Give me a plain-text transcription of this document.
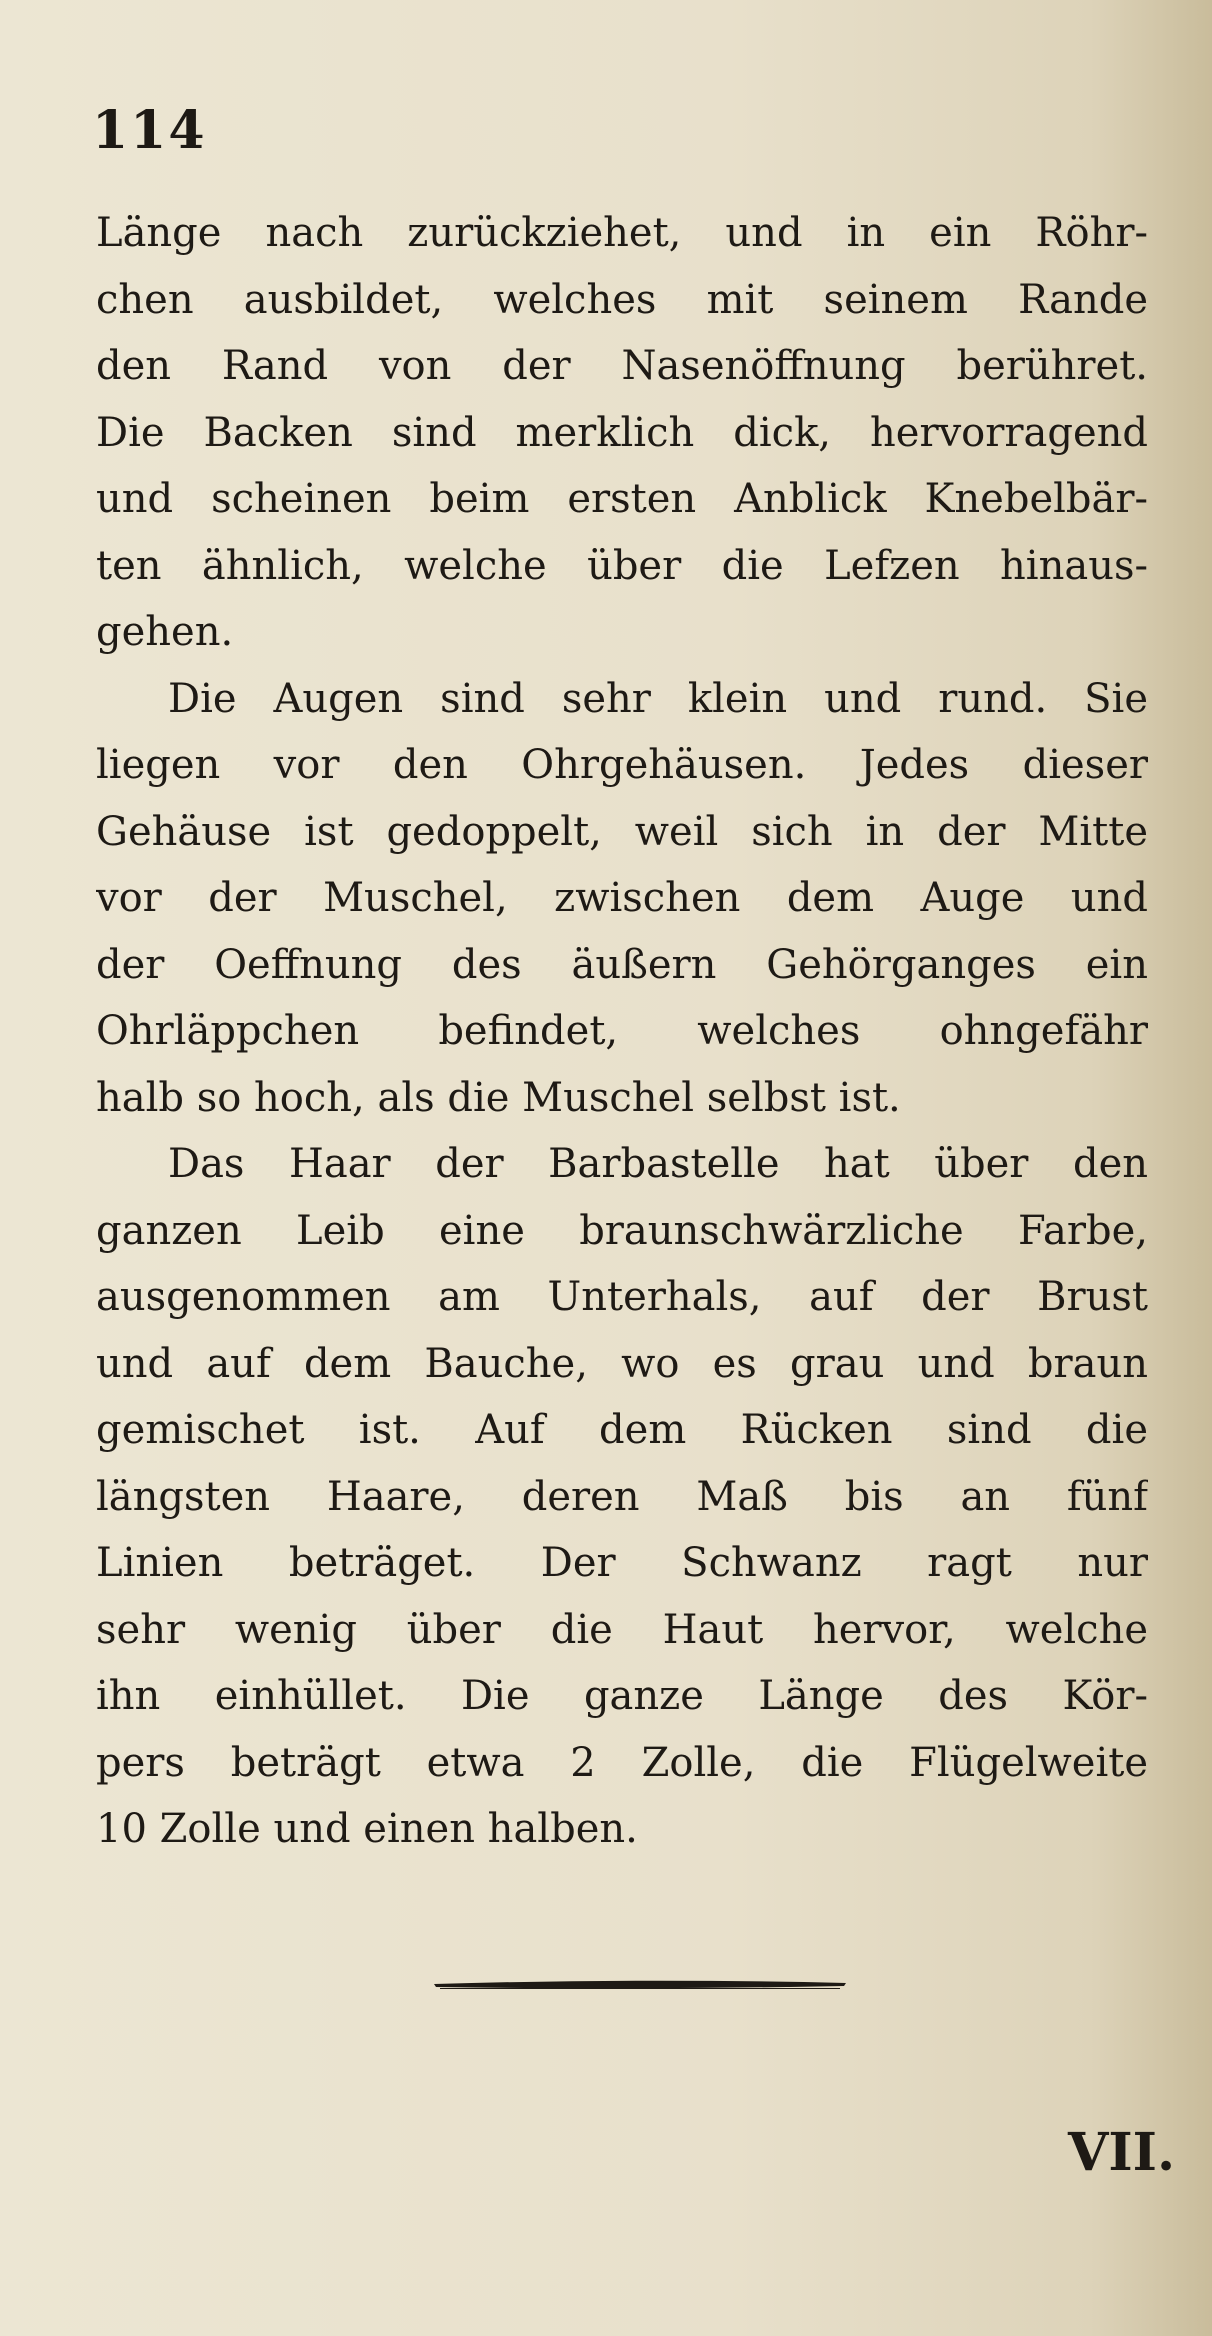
114
Länge nach zurückziehet, und in ein Röhr-
chen ausbildet, welches mit seinem Rande
den Rand von der Nasenöffnung berühret.
Die Backen sind merklich dick, hervorragend
und scheinen beim ersten Anblick Knebelbär-
ten ähnlich, welche über die Lefzen hinaus-
gehen.
Die Augen sind sehr klein und rund. Sie
liegen vor den Ohrgehäusen. Jedes dieser
Gehäuse ist gedoppelt, weil sich in der Mitte
vor der Muschel, zwischen dem Auge und
der Oeffnung des äußern Gehörganges ein
Ohrläppchen befindet, welches ohngefähr
halb so hoch, als die Muschel selbst ist.
Das Haar der Barbastelle hat über den
ganzen Leib eine braunschwärzliche Farbe,
ausgenommen am Unterhals, auf der Brust
und auf dem Bauche, wo es grau und braun
gemischet ist. Auf dem Rücken sind die
längsten Haare, deren Maß bis an fünf
Linien beträget. Der Schwanz ragt nur
sehr wenig über die Haut hervor, welche
ihn einhüllet. Die ganze Länge des Kör-
pers beträgt etwa 2 Zolle, die Flügelweite
10 Zolle und einen halben.
VII.
